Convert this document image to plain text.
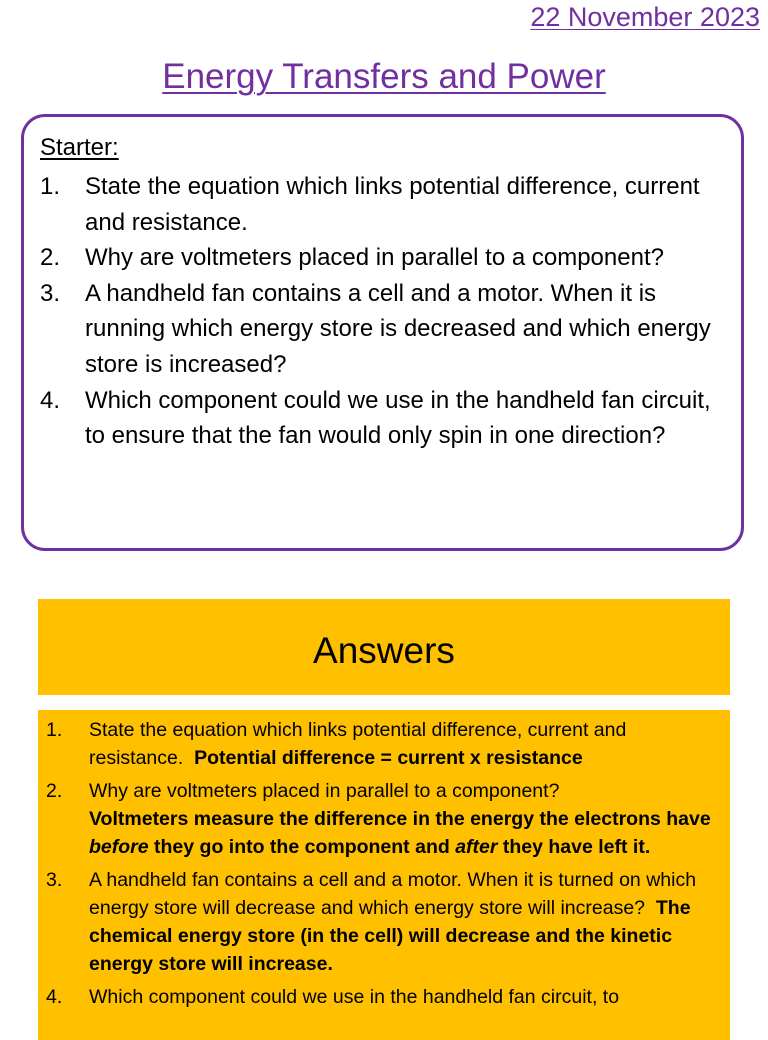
22 November 2023
Energy Transfers and Power
Starter:
1. State the equation which links potential difference, current and resistance.
2. Why are voltmeters placed in parallel to a component?
3. A handheld fan contains a cell and a motor. When it is running which energy store is decreased and which energy store is increased?
4. Which component could we use in the handheld fan circuit, to ensure that the fan would only spin in one direction?
Answers
1. State the equation which links potential difference, current and resistance. Potential difference = current x resistance
2. Why are voltmeters placed in parallel to a component?
Voltmeters measure the difference in the energy the electrons have before they go into the component and after they have left it.
3. A handheld fan contains a cell and a motor. When it is turned on which energy store will decrease and which energy store will increase? The chemical energy store (in the cell) will decrease and the kinetic energy store will increase.
4. Which component could we use in the handheld fan circuit, to
